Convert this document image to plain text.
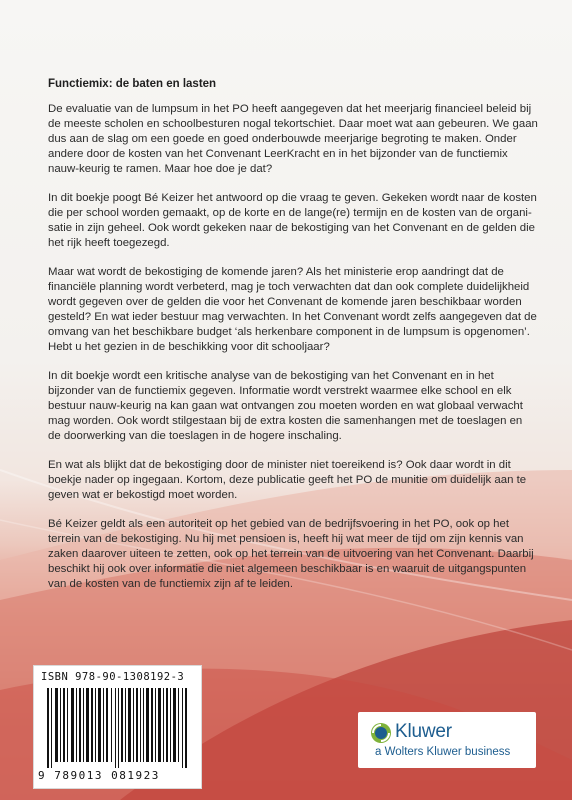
Functiemix: de baten en lasten

De evaluatie van de lumpsum in het PO heeft aangegeven dat het meerjarig financieel beleid bij de meeste scholen en schoolbesturen nogal tekortschiet. Daar moet wat aan gebeuren. We gaan dus aan de slag om een goede en goed onderbouwde meerjarige begroting te maken. Onder andere door de kosten van het Convenant LeerKracht en in het bijzonder van de functiemix nauw-keurig te ramen. Maar hoe doe je dat?

In dit boekje poogt Bé Keizer het antwoord op die vraag te geven. Gekeken wordt naar de kosten die per school worden gemaakt, op de korte en de lange(re) termijn en de kosten van de organi-satie in zijn geheel. Ook wordt gekeken naar de bekostiging van het Convenant en de gelden die het rijk heeft toegezegd.

Maar wat wordt de bekostiging de komende jaren? Als het ministerie erop aandringt dat de financiële planning wordt verbeterd, mag je toch verwachten dat dan ook complete duidelijkheid wordt gegeven over de gelden die voor het Convenant de komende jaren beschikbaar worden gesteld? En wat ieder bestuur mag verwachten. In het Convenant wordt zelfs aangegeven dat de omvang van het beschikbare budget ‘als herkenbare component in de lumpsum is opgenomen’. Hebt u het gezien in de beschikking voor dit schooljaar?

In dit boekje wordt een kritische analyse van de bekostiging van het Convenant en in het bijzonder van de functiemix gegeven. Informatie wordt verstrekt waarmee elke school en elk bestuur nauw-keurig na kan gaan wat ontvangen zou moeten worden en wat globaal verwacht mag worden. Ook wordt stilgestaan bij de extra kosten die samenhangen met de toeslagen en de doorwerking van die toeslagen in de hogere inschaling.

En wat als blijkt dat de bekostiging door de minister niet toereikend is? Ook daar wordt in dit boekje nader op ingegaan. Kortom, deze publicatie geeft het PO de munitie om duidelijk aan te geven wat er bekostigd moet worden.

Bé Keizer geldt als een autoriteit op het gebied van de bedrijfsvoering in het PO, ook op het terrein van de bekostiging. Nu hij met pensioen is, heeft hij wat meer de tijd om zijn kennis van zaken daarover uiteen te zetten, ook op het terrein van de uitvoering van het Convenant. Daarbij beschikt hij ook over informatie die niet algemeen beschikbaar is en waaruit de uitgangspunten van de kosten van de functiemix zijn af te leiden.

ISBN 978-90-1308192-3
9 789013 081923
Kluwer
a Wolters Kluwer business
